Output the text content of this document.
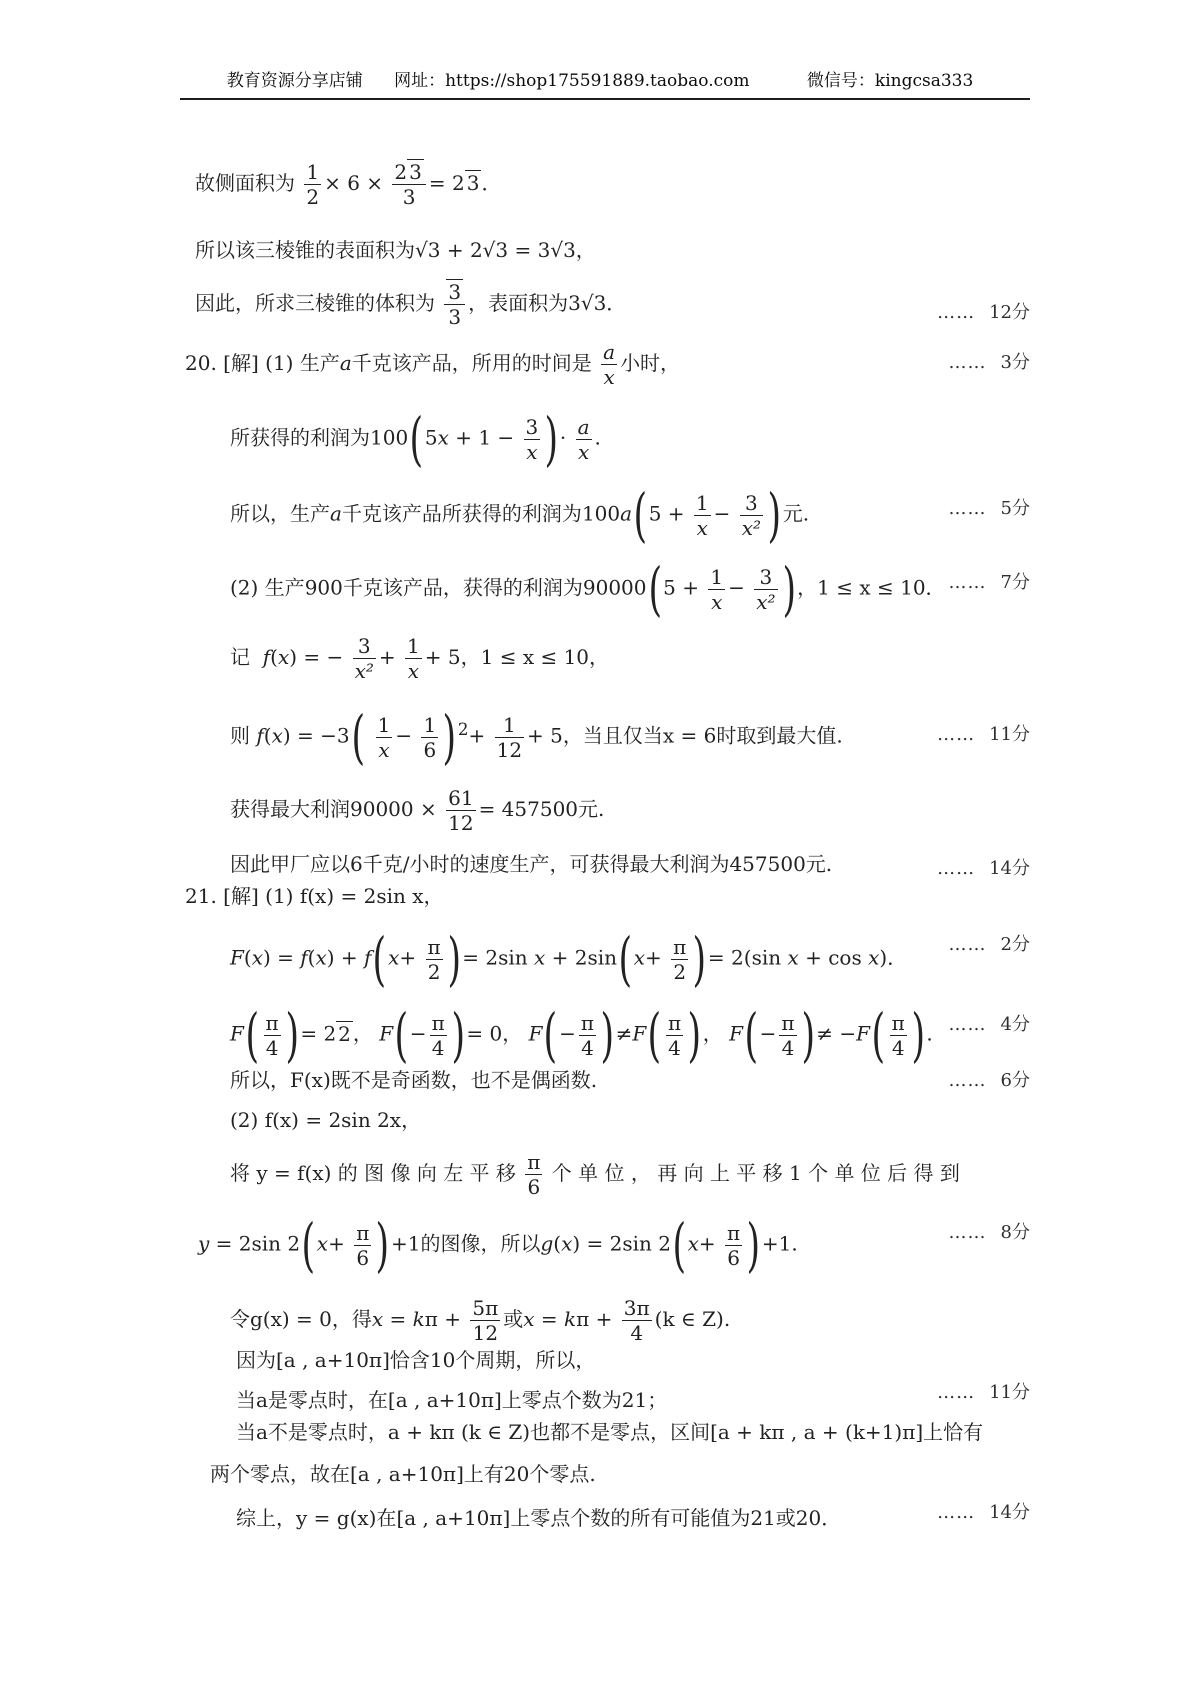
教育资源分享店铺 网址：https://shop175591889.taobao.com	微信号：kingcsa333
故侧面积为 $\frac{1}{2} \times 6 \times \frac{2 3}{3} = 2$ 3 ．
所以该三棱锥的表面积为√3 + 2√3 = 3√3，
因此，所求三棱锥的体积为 $\frac{3}{3}$ ，表面积为3√3．	…… 12分
20. [解] (1) 生产a千克该产品，所用的时间是 $\frac{a}{x}$ 小时，	…… 3分
所获得的利润为$100(5x + 1 - \frac{3}{x}$ )· $\frac{a}{x}$ .
所以，生产a千克该产品所获得的利润为$100a(5 + \frac{1}{x} - \frac{3}{\text{x²}}$ )元.	…… 5分
(2) 生产900千克该产品，获得的利润为$90000(5 + \frac{1}{x} - \frac{3}{\text{x²}}$ )，1 ≤ x ≤ 10． …… 7分
记 f(x) = − $\frac{3}{\text{x²}} + \frac{1}{x} + 5$，1 ≤ x ≤ 10，
则 $f(x) = -3( \frac{1}{x} - \frac{1}{6} )^2+ \frac{1}{12} + 5$，当且仅当x = 6时取到最大值.	…… 11分
获得最大利润$90000 \times \frac{61}{12} = 457500$元.
因此甲厂应以6千克/小时的速度生产，可获得最大利润为457500元.	…… 14分
21. [解] (1) f(x) = 2sin x，
$F(x) = f(x) + f(x+ \frac{\pi}{2}$ )= 2sin $x + 2\sin(x+ \frac{\pi}{2}$ )= 2(sin x + cos x)．
…… 2分
$F( \frac{\pi}{4}$ )= 2 2 ， $F(- \frac{\pi}{4}$ )= 0， $F(- \frac{\pi}{4} )\ne F( \frac{\pi}{4}$ )， $F(- \frac{\pi}{4}$ )≠ $-F( \frac{\pi}{4}$ ). …… 4分
所以，F(x)既不是奇函数，也不是偶函数.	…… 6分
(2) f(x) = 2sin 2x，
将 y = f(x) 的 图 像 向 左 平 移 $\frac{\pi}{6}$ 个 单 位 ， 再 向 上 平 移 1 个 单 位 后 得 到
y = 2sin $2(x+ \frac{\pi}{6} )+1$的图像，所以g(x) = 2sin $2(x+ \frac{\pi}{6} )+1$.	…… 8分
令g(x) = 0，得$x = k\pi + \frac{5\pi}{12}$ 或$x = k\pi + \frac{3\pi}{4} (k$ ∈ Z).
因为[a , a+10π]恰含10个周期，所以，
当a是零点时，在[a , a+10π]上零点个数为21；	…… 11分
当a不是零点时，a + kπ (k ∈ Z)也都不是零点，区间[a + kπ , a + (k+1)π]上恰有
两个零点，故在[a , a+10π]上有20个零点.
综上，y = g(x)在[a , a+10π]上零点个数的所有可能值为21或20．	…… 14分
